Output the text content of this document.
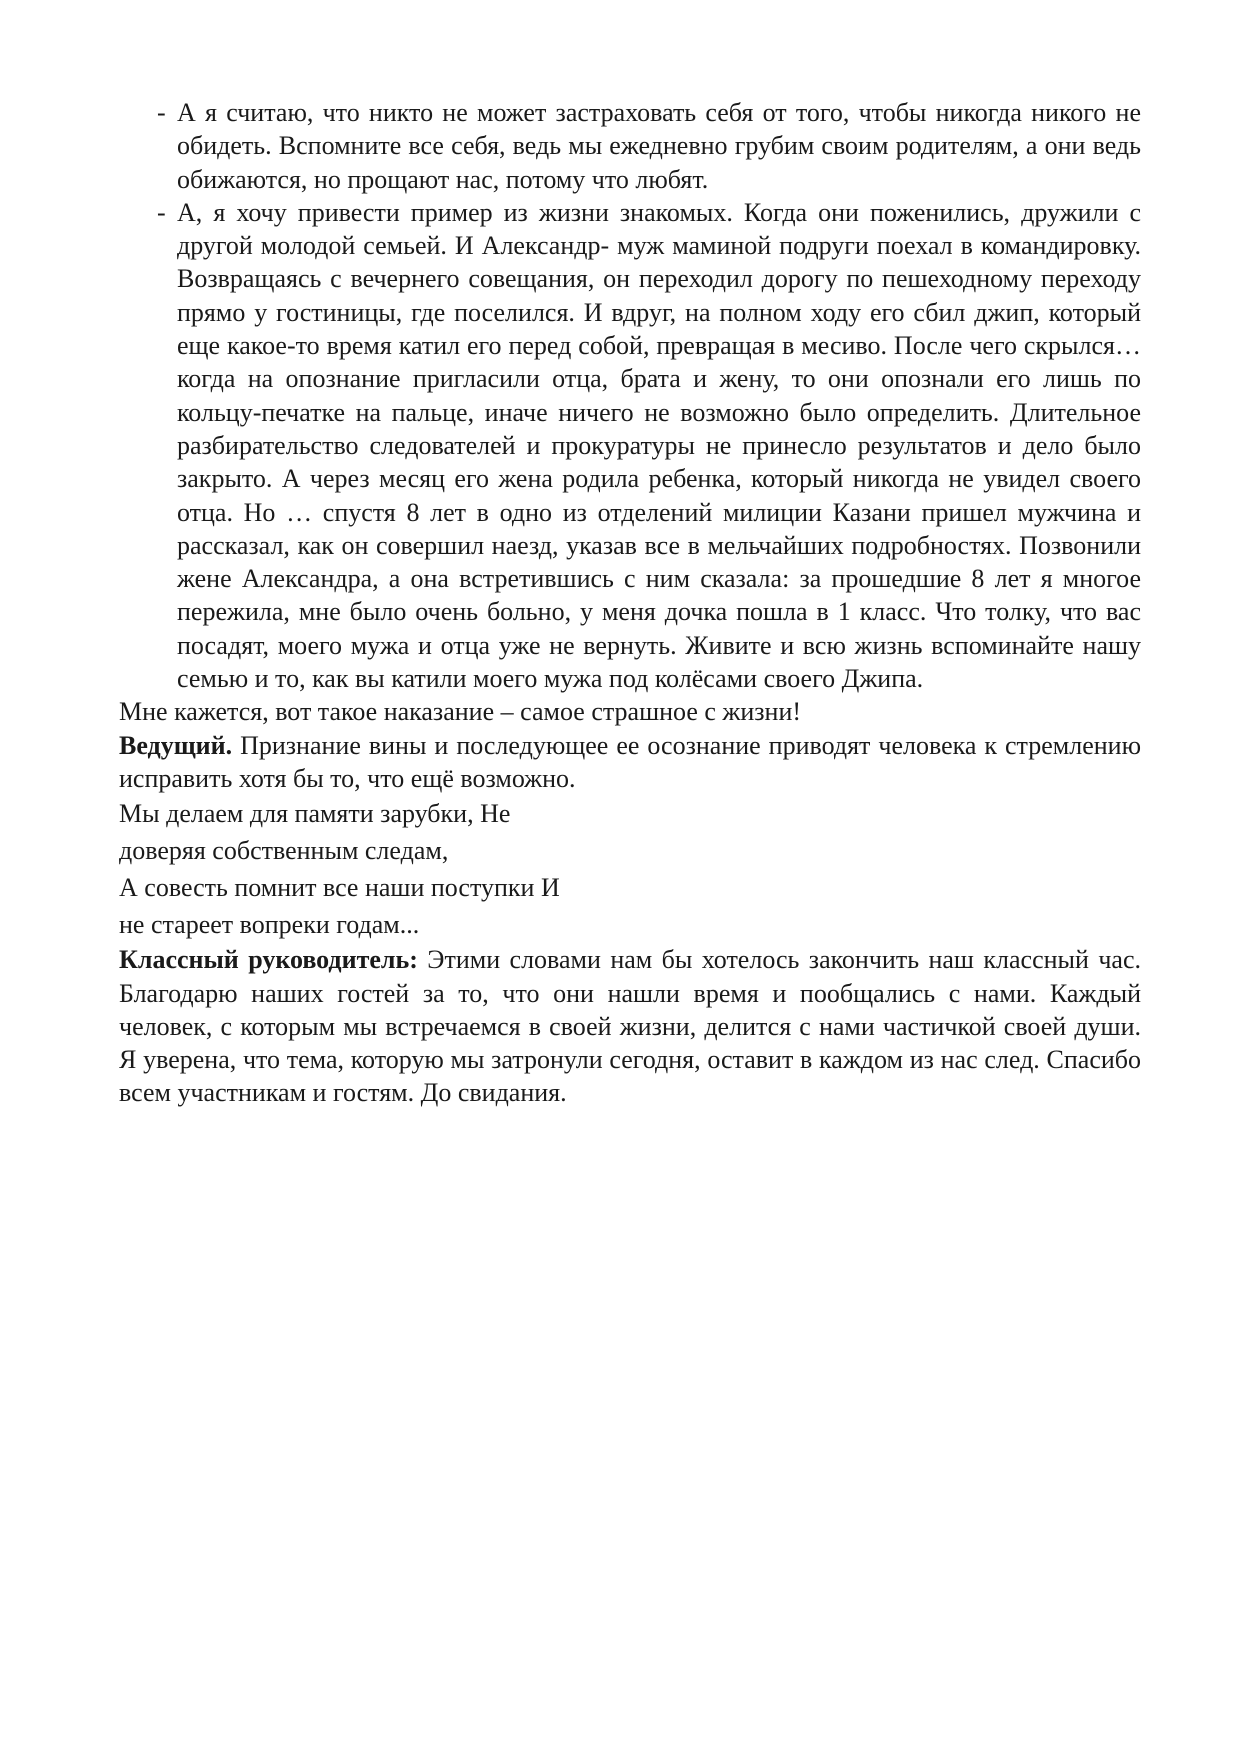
- А я считаю, что никто не может застраховать себя от того, чтобы никогда никого не обидеть. Вспомните все себя, ведь мы ежедневно грубим своим родителям, а они ведь обижаются, но прощают нас, потому что любят.
- А, я хочу привести пример из жизни знакомых. Когда они поженились, дружили с другой молодой семьей. И Александр- муж маминой подруги поехал в командировку. Возвращаясь с вечернего совещания, он переходил дорогу по пешеходному переходу прямо у гостиницы, где поселился. И вдруг, на полном ходу его сбил джип, который еще какое-то время катил его перед собой, превращая в месиво. После чего скрылся… когда на опознание пригласили отца, брата и жену, то они опознали его лишь по кольцу-печатке на пальце, иначе ничего не возможно было определить. Длительное разбирательство следователей и прокуратуры не принесло результатов и дело было закрыто. А через месяц его жена родила ребенка, который никогда не увидел своего отца. Но … спустя 8 лет в одно из отделений милиции Казани пришел мужчина и рассказал, как он совершил наезд, указав все в мельчайших подробностях. Позвонили жене Александра, а она встретившись с ним сказала: за прошедшие 8 лет я многое пережила, мне было очень больно, у меня дочка пошла в 1 класс. Что толку, что вас посадят, моего мужа и отца уже не вернуть. Живите и всю жизнь вспоминайте нашу семью и то, как вы катили моего мужа под колёсами своего Джипа.

Мне кажется, вот такое наказание – самое страшное с жизни!

Ведущий. Признание вины и последующее ее осознание приводят человека к стремлению исправить хотя бы то, что ещё возможно.

Мы делаем для памяти зарубки, Не

доверяя собственным следам,

А совесть помнит все наши поступки И

не стареет вопреки годам...

Классный руководитель: Этими словами нам бы хотелось закончить наш классный час. Благодарю наших гостей за то, что они нашли время и пообщались с нами. Каждый человек, с которым мы встречаемся в своей жизни, делится с нами частичкой своей души. Я уверена, что тема, которую мы затронули сегодня, оставит в каждом из нас след. Спасибо всем участникам и гостям. До свидания.
